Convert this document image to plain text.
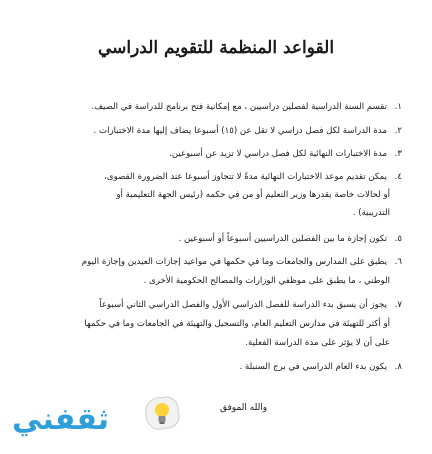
القواعد المنظمة للتقويم الدراسي
١.تقسم السنة الدراسية لفصلين دراسيين ، مع إمكانية فتح برنامج للدراسة في الصيف.
٢.مدة الدراسة لكل فصل دراسي لا تقل عن (١٥) أسبوعا يضاف إليها مدة الاختبارات .
٣.مدة الاختبارات النهائية لكل فصل دراسي لا تزيد عن أسبوعين.
٤.يمكن تقديم موعد الاختبارات النهائية مدةً لا تتجاوز أسبوعا عند الضرورة القصوى،
أو لحالات خاصة يقدرها وزير التعليم أو من في حكمه (رئيس الجهة التعليمية أو
التدريبية) .
٥.تكون إجازة ما بين الفصلين الدراسيين أسبوعاً أو أسبوعين .
٦.يطبق على المدارس والجامعات وما في حكمها في مواعيد إجازات العيدين وإجازة اليوم
الوطني ، ما يطبق على موظفي الوزارات والمصالح الحكومية الأخرى .
٧.يجوز أن يسبق بدء الدراسة للفصل الدراسي الأول والفصل الدراسي الثاني أسبوعاً
أو أكثر للتهيئة في مدارس التعليم العام، والتسجيل والتهيئة في الجامعات وما في حكمها
على أن لا يؤثر على مدة الدراسة الفعلية.
٨.يكون بدء العام الدراسي في برج السنبلة .
والله الموفق
ثقفني
